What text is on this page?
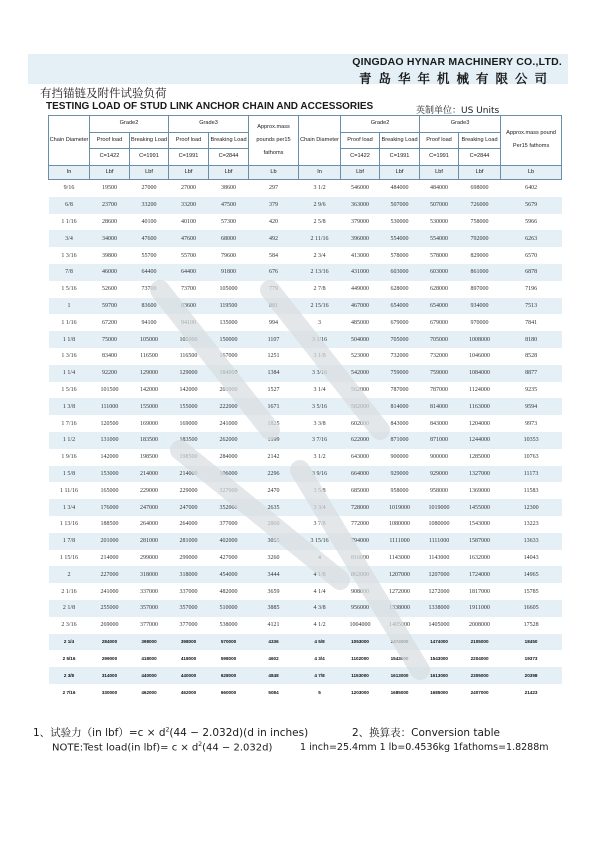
QINGDAO HYNAR MACHINERY CO.,LTD.
青岛华年机械有限公司
有挡锚链及附件试验负荷
TESTING LOAD OF STUD LINK ANCHOR CHAIN AND ACCESSORIES	英制单位：US Units
Chain Diameter	Grade2		Grade3		Approx.mass pounds per15 fathoms	Chain Diameter	Grade2		Grade3		Approx.mass pound Per15 fathoms
	Proof load	Breaking Load	Proof load	Breaking Load			Proof load	Breaking Load	Proof load	Breaking Load	

	C=1422	C=1991	C=1991	C=2844			C=1422	C=1991	C=1991	C=2844	
In	Lbf	Lbf	Lbf	Lbf	Lb	In	Lbf	Lbf	Lbf	Lbf	Lb
9/16	19500	27000	27000	38600	297	3 1/2	546000	484000	484000	698000	6402
6/8	23700	33200	33200	47500	379	2 9/6	363000	507000	507000	726000	5679
1 1/16	28600	40100	40100	57300	420	2 5/8	379000	530000	530000	758000	5966
3/4	34000	47600	47600	68000	492	2 11/16	396000	554000	554000	792000	6263
1 3/16	39800	55700	55700	79600	584	2 3/4	413000	578000	578000	829000	6570
7/8	46000	64400	64400	91800	676	2 13/16	431000	603000	603000	861000	6878
1 5/16	52600	73700	73700	105000	779	2 7/8	449000	628000	628000	897000	7196
1	59700	83600	83600	119500	881	2 15/16	467000	654000	654000	934000	7513
1 1/16	67200	94100	94100	135000	994	3	485000	679000	679000	970000	7841
1 1/8	75000	105000	105000	150000	1107	3 1/16	504000	705000	705000	1008000	8180
1 3/16	83400	116500	116500	167000	1251	3 1/8	523000	732000	732000	1046000	8528
1 1/4	92200	129000	129000	184000	1384	3 3/16	542000	759000	759000	1084000	8877
1 5/16	101500	142000	142000	203000	1527	3 1/4	562000	787000	787000	1124000	9235
1 3/8	111000	155000	155000	222000	1671	3 5/16	582000	814000	814000	1163000	9594
1 7/16	120500	169000	169000	241000	1825	3 3/8	602000	843000	843000	1204000	9973
1 1/2	131000	183500	183500	262000	1999	3 7/16	622000	871000	871000	1244000	10353
1 9/16	142000	198500	198500	284000	2142	3 1/2	643000	900000	900000	1285000	10763
1 5/8	153000	214000	214000	306000	2296	3 9/16	664000	929000	929000	1327000	11173
1 11/16	165000	229000	229000	327000	2470	3 5/8	685000	958000	958000	1369000	11583
1 3/4	176000	247000	247000	352000	2635	3 3/4	728000	1019000	1019000	1455000	12300
1 13/16	188500	264000	264000	377000	2860	3 7/8	772000	1080000	1080000	1543000	13223
1 7/8	201000	281000	281000	402000	3055	3 15/16	794000	1111000	1111000	1587000	13633
1 15/16	214000	299000	299000	427000	3260	4	816000	1143000	1143000	1632000	14043
2	227000	318000	318000	454000	3444	4 1/8	862000	1207000	1207000	1724000	14965
2 1/16	241000	337000	337000	482000	3659	4 1/4	908000	1272000	1272000	1817000	15785
2 1/8	255000	357000	357000	510000	3885	4 3/8	956000	1338000	1338000	1911000	16605
2 3/16	269000	377000	377000	538000	4121	4 1/2	1004000	1405000	1405000	2008000	17528
2 1/4	284000	398000	398000	570000	4336	4 5/8	1053000	1474000	1474000	2105000	18450
2 5/16	299000	418000	418000	598000	4602	4 3/4	1102000	1543000	1543000	2204000	19373
2 3/8	314000	440000	440000	628000	4848	4 7/8	1153000	1613000	1613000	2305000	20398
2 7/16	330000	462000	462000	660000	5084	5	1203000	1685000	1685000	2407000	21423
1、试验力（in $lbf)=c \times d^2(44 - 2.032d)(d$ in inches)	2、换算表：Conversion table
NOTE:Test load(in $lbf)= c \times d^2(44 - 2.032d)$	1 inch=25.4mm 1 lb=0.4536kg 1fathoms=1.8288m
